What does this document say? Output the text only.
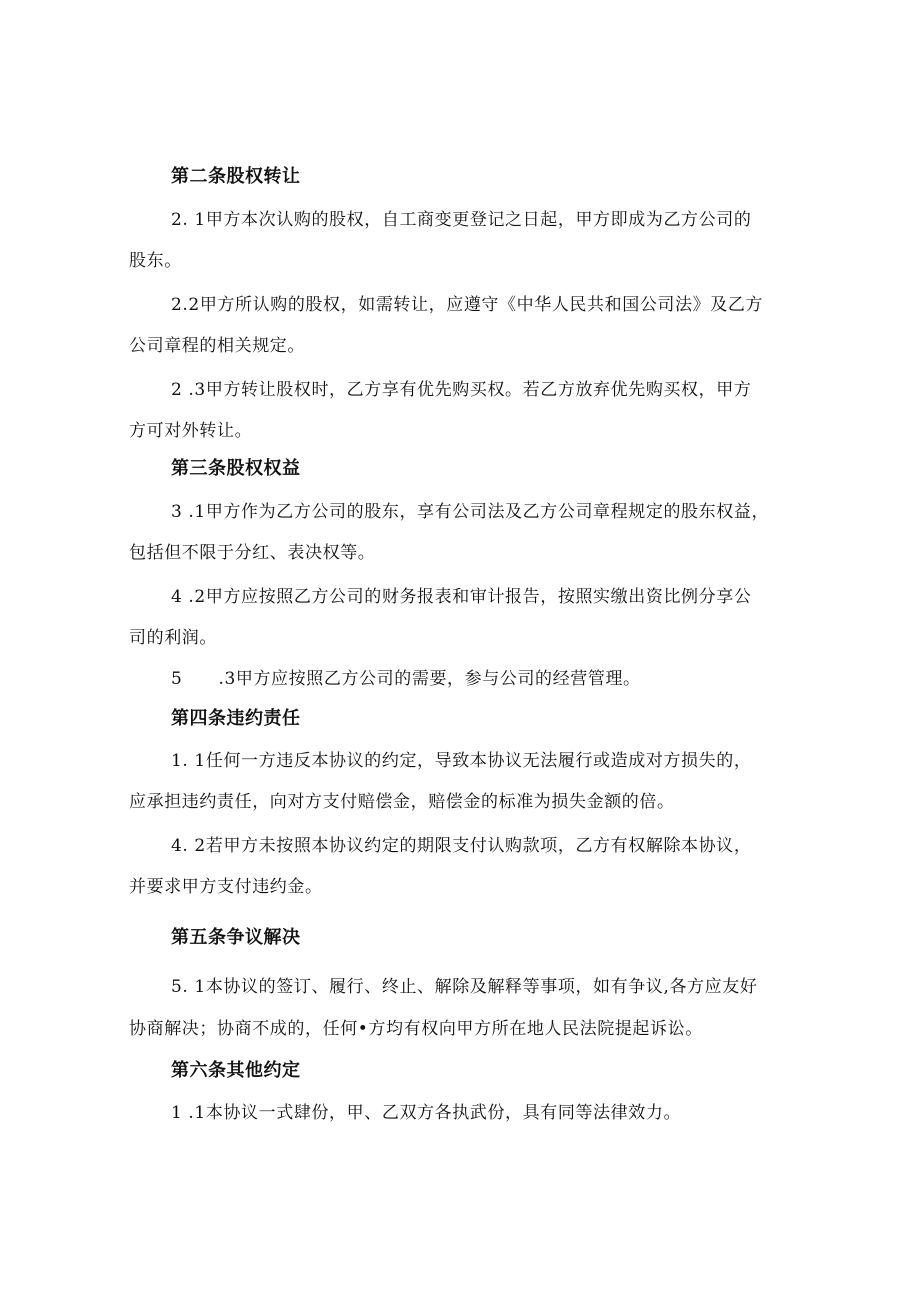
第二条股权转让
2. 1甲方本次认购的股权，自工商变更登记之日起，甲方即成为乙方公司的
股东。
2.2甲方所认购的股权，如需转让，应遵守《中华人民共和国公司法》及乙方
公司章程的相关规定。
2 .3甲方转让股权时，乙方享有优先购买权。若乙方放弃优先购买权，甲方
方可对外转让。
第三条股权权益
3 .1甲方作为乙方公司的股东，享有公司法及乙方公司章程规定的股东权益，
包括但不限于分红、表决权等。
4 .2甲方应按照乙方公司的财务报表和审计报告，按照实缴出资比例分享公
司的利润。
5      .3甲方应按照乙方公司的需要，参与公司的经营管理。
第四条违约责任
1. 1任何一方违反本协议的约定，导致本协议无法履行或造成对方损失的，
应承担违约责任，向对方支付赔偿金，赔偿金的标准为损失金额的倍。
4. 2若甲方未按照本协议约定的期限支付认购款项，乙方有权解除本协议，
并要求甲方支付违约金。
第五条争议解决
5. 1本协议的签订、履行、终止、解除及解释等事项，如有争议,各方应友好
协商解决；协商不成的，任何•方均有权向甲方所在地人民法院提起诉讼。
第六条其他约定
1 .1本协议一式肆份，甲、乙双方各执武份，具有同等法律效力。
